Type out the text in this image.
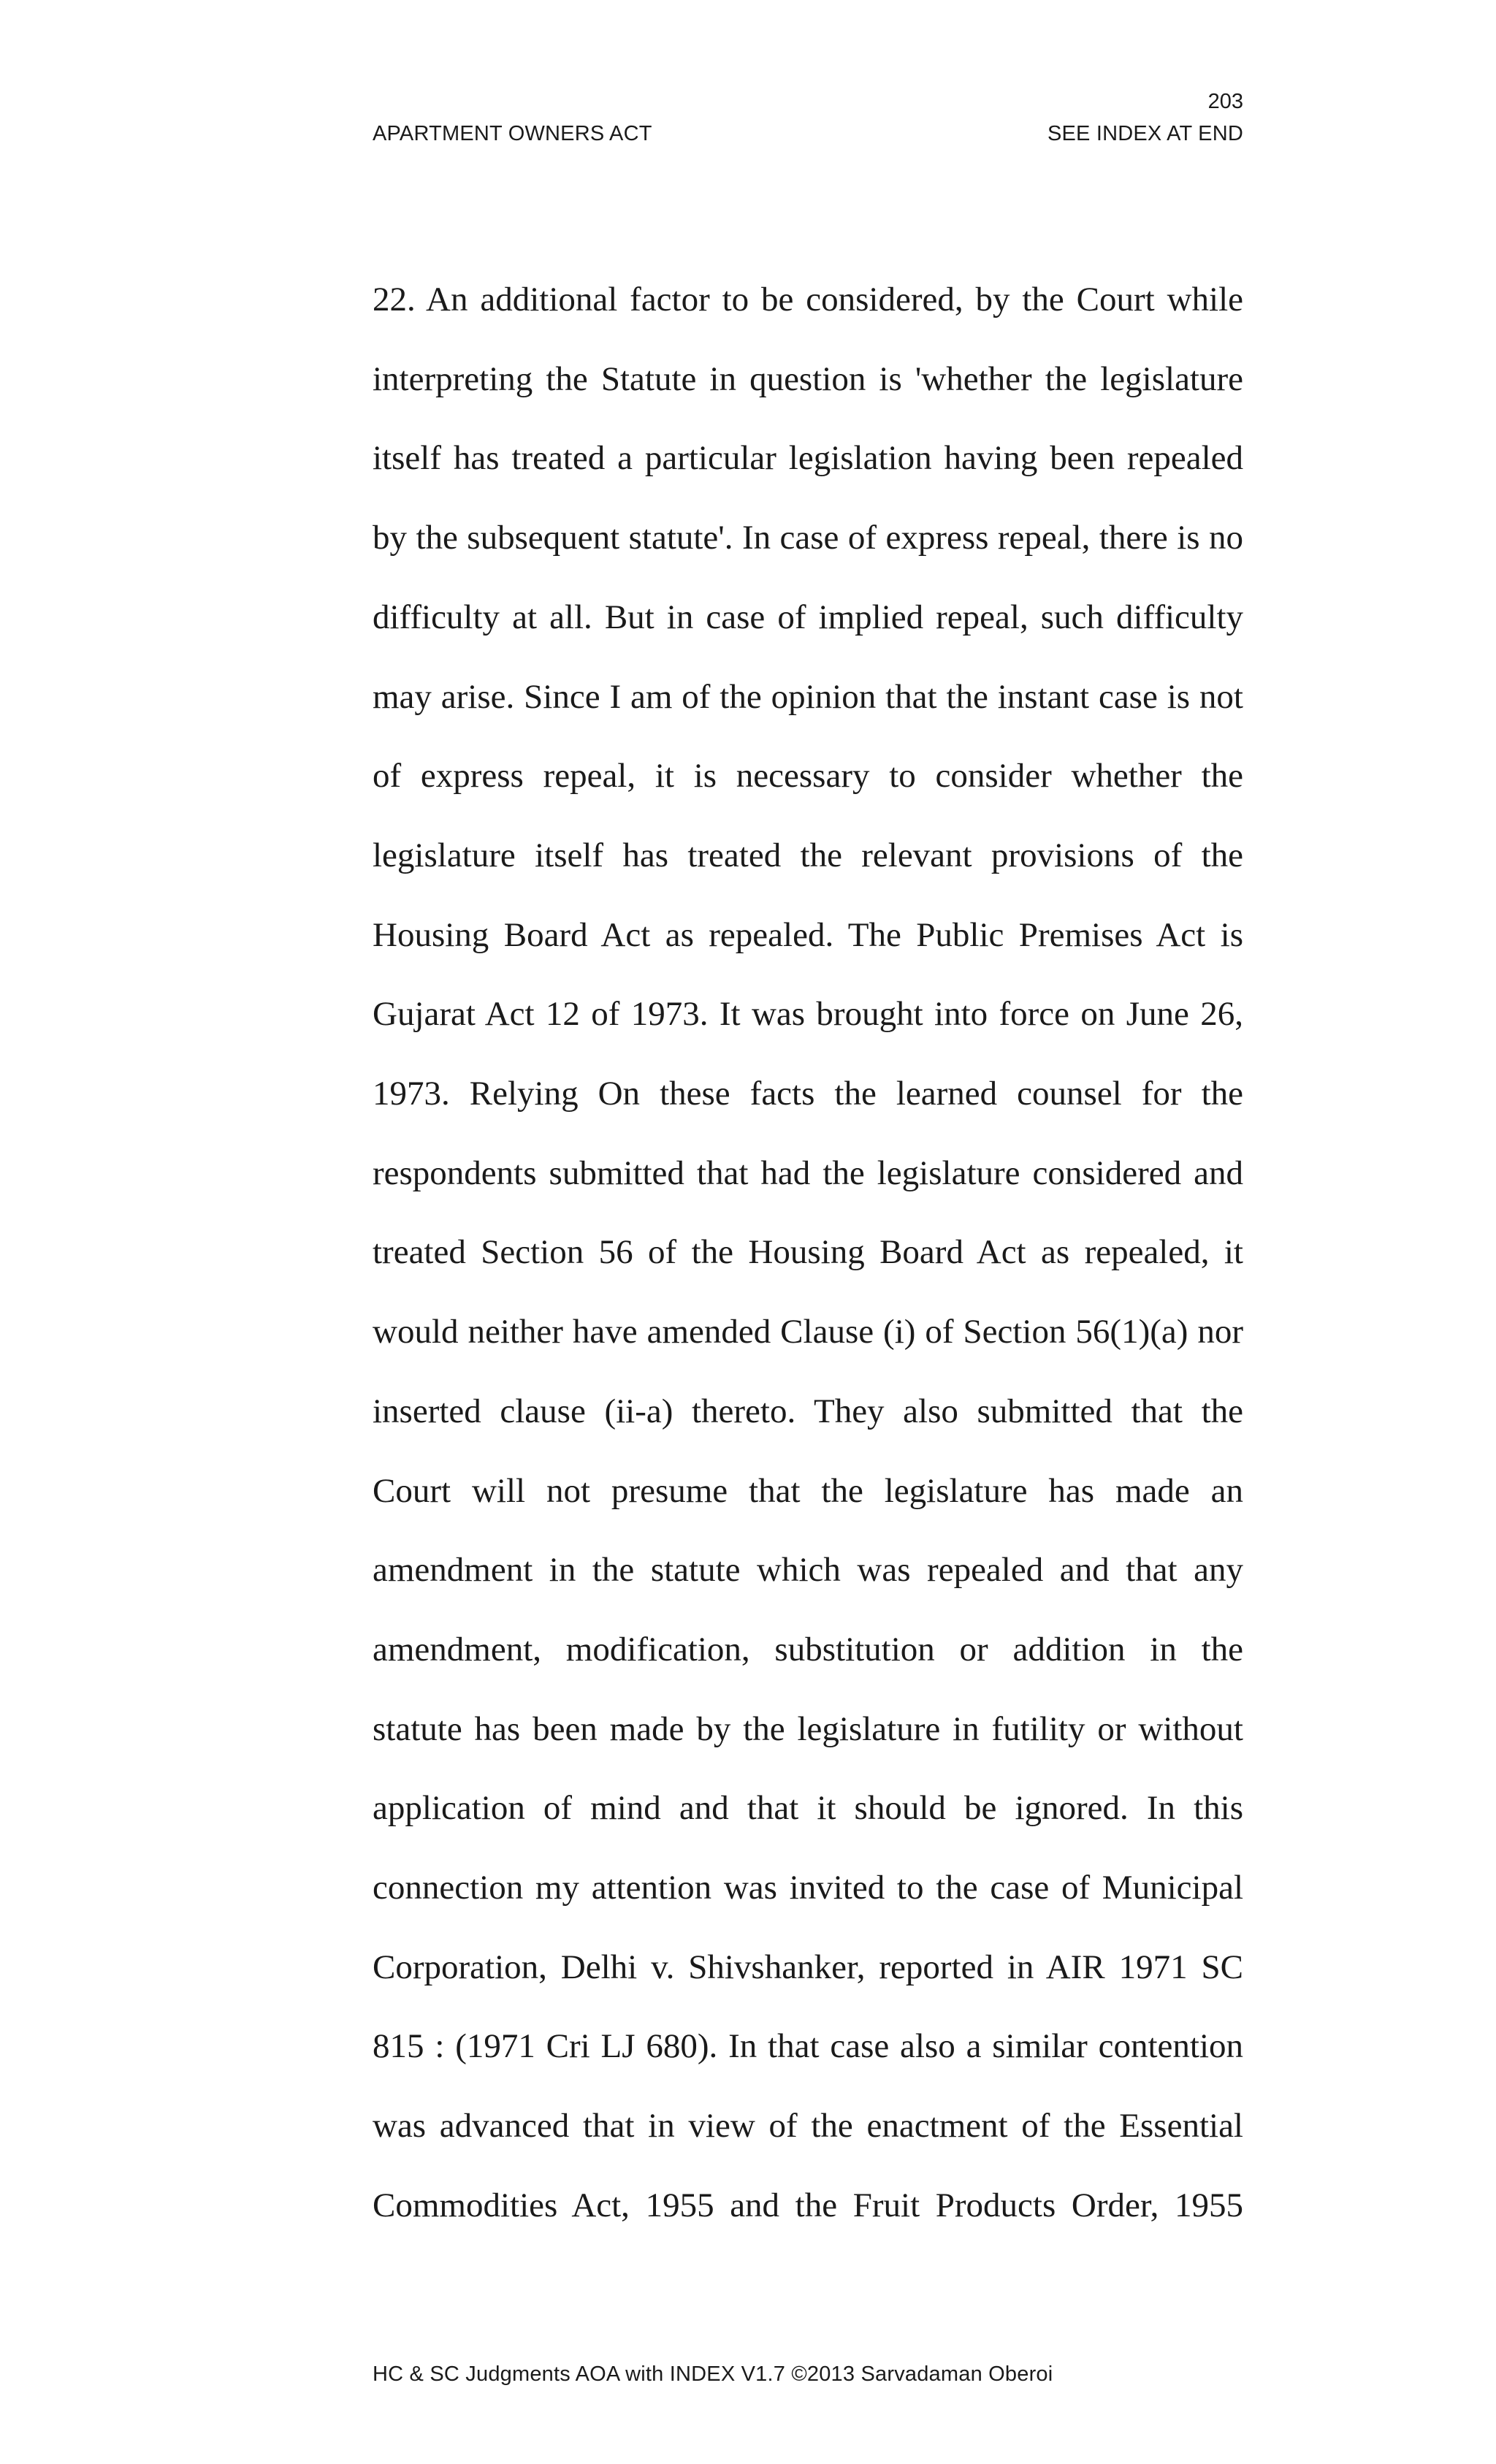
203
APARTMENT OWNERS ACT	SEE INDEX AT END
22. An additional factor to be considered, by the Court while
interpreting the Statute in question is 'whether the legislature
itself has treated a particular legislation having been repealed
by the subsequent statute'. In case of express repeal, there is no
difficulty at all. But in case of implied repeal, such difficulty
may arise. Since I am of the opinion that the instant case is not
of express repeal, it is necessary to consider whether the
legislature itself has treated the relevant provisions of the
Housing Board Act as repealed. The Public Premises Act is
Gujarat Act 12 of 1973. It was brought into force on June 26,
1973. Relying On these facts the learned counsel for the
respondents submitted that had the legislature considered and
treated Section 56 of the Housing Board Act as repealed, it
would neither have amended Clause (i) of Section 56(1)(a) nor
inserted clause (ii-a) thereto. They also submitted that the
Court will not presume that the legislature has made an
amendment in the statute which was repealed and that any
amendment, modification, substitution or addition in the
statute has been made by the legislature in futility or without
application of mind and that it should be ignored. In this
connection my attention was invited to the case of Municipal
Corporation, Delhi v. Shivshanker, reported in AIR 1971 SC
815 : (1971 Cri LJ 680). In that case also a similar contention
was advanced that in view of the enactment of the Essential
Commodities Act, 1955 and the Fruit Products Order, 1955
HC & SC Judgments AOA with INDEX V1.7 ©2013 Sarvadaman Oberoi
